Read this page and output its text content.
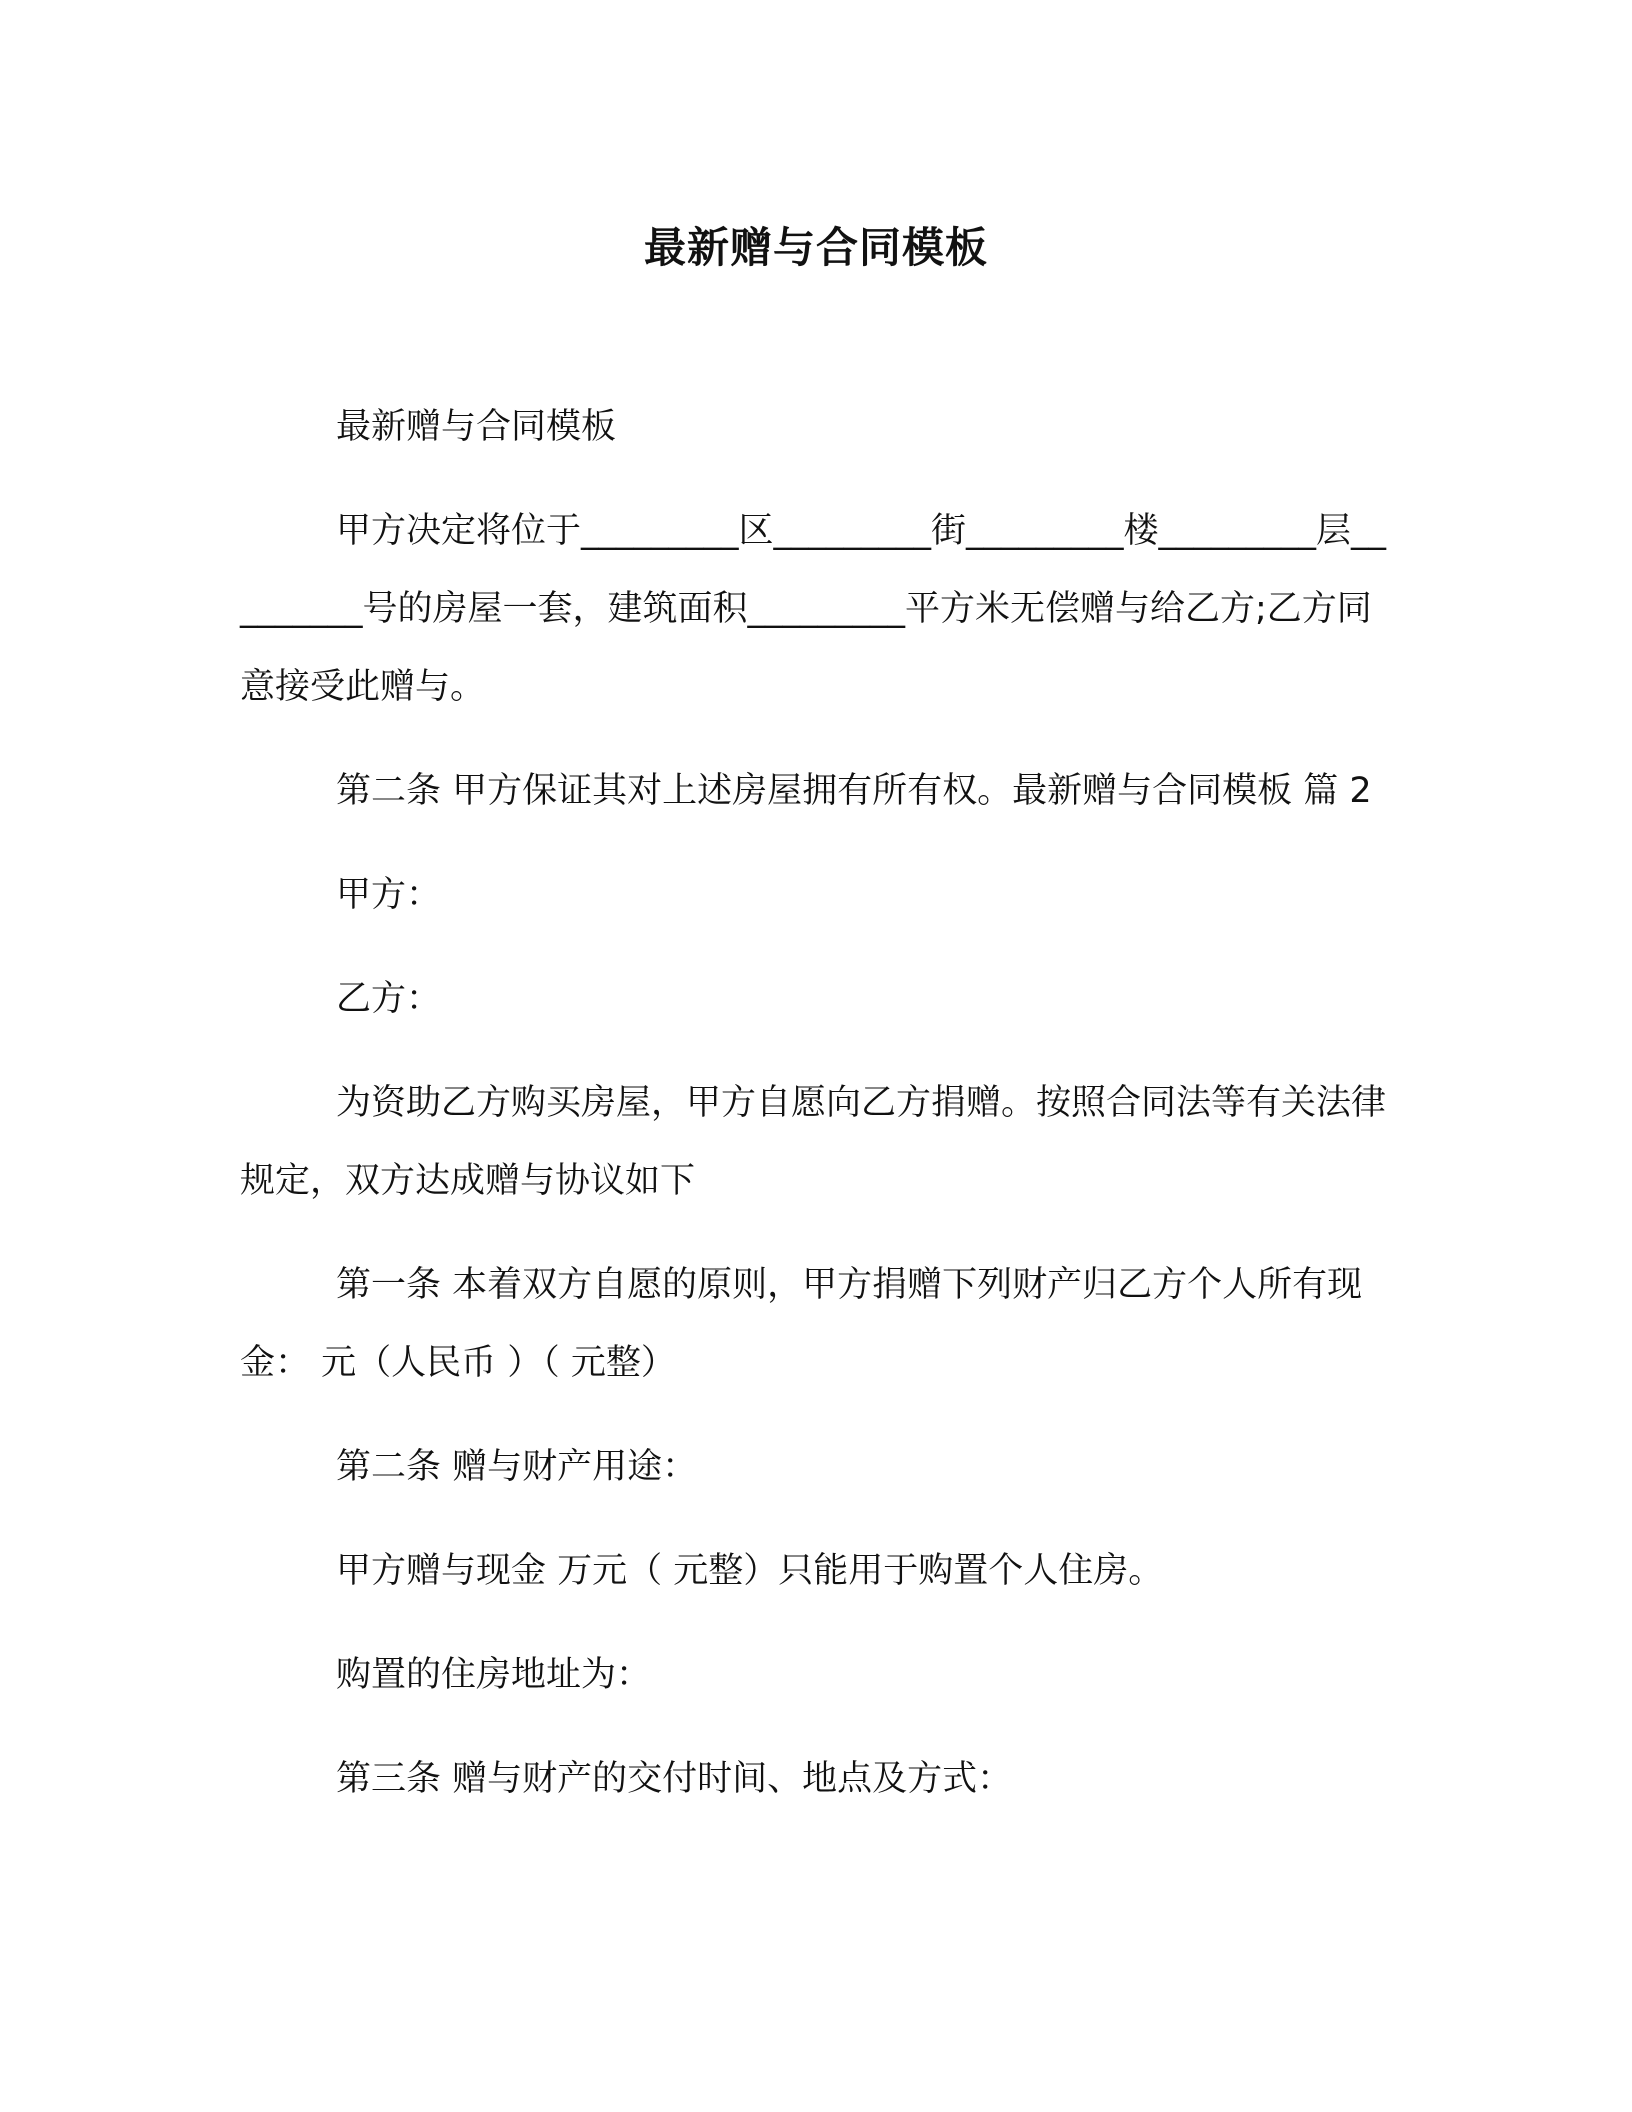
最新赠与合同模板

最新赠与合同模板

甲方决定将位于_________区_________街_________楼_________层_________号的房屋一套，建筑面积_________平方米无偿赠与给乙方;乙方同意接受此赠与。

第二条 甲方保证其对上述房屋拥有所有权。最新赠与合同模板 篇 2

甲方：

乙方：

为资助乙方购买房屋，甲方自愿向乙方捐赠。按照合同法等有关法律规定，双方达成赠与协议如下

第一条 本着双方自愿的原则，甲方捐赠下列财产归乙方个人所有现金： 元（人民币 ）（ 元整）

第二条 赠与财产用途：

甲方赠与现金 万元（ 元整）只能用于购置个人住房。

购置的住房地址为：

第三条 赠与财产的交付时间、地点及方式：
